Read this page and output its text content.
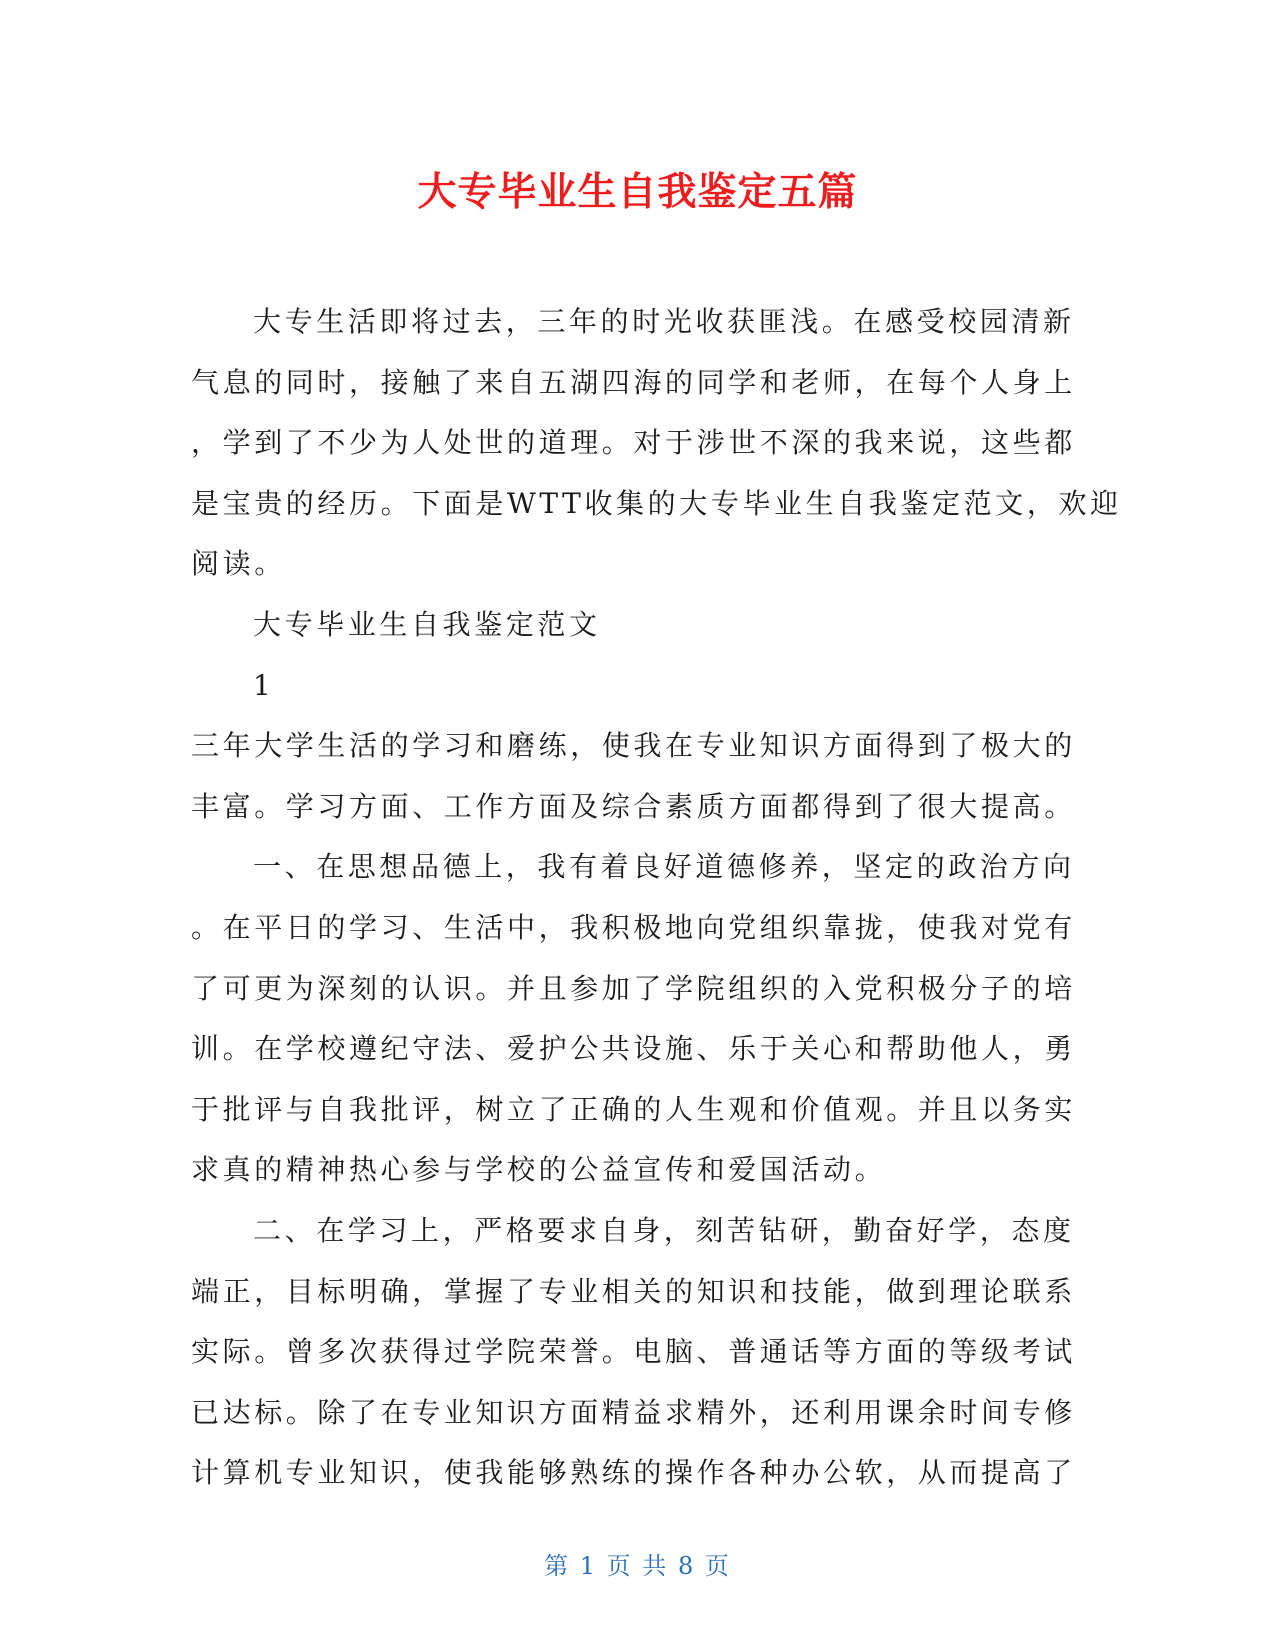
大专毕业生自我鉴定五篇
大专生活即将过去，三年的时光收获匪浅。在感受校园清新
气息的同时，接触了来自五湖四海的同学和老师，在每个人身上
，学到了不少为人处世的道理。对于涉世不深的我来说，这些都
是宝贵的经历。下面是WTT收集的大专毕业生自我鉴定范文，欢迎
阅读。
大专毕业生自我鉴定范文
1
三年大学生活的学习和磨练，使我在专业知识方面得到了极大的
丰富。学习方面、工作方面及综合素质方面都得到了很大提高。
一、在思想品德上，我有着良好道德修养，坚定的政治方向
。在平日的学习、生活中，我积极地向党组织靠拢，使我对党有
了可更为深刻的认识。并且参加了学院组织的入党积极分子的培
训。在学校遵纪守法、爱护公共设施、乐于关心和帮助他人，勇
于批评与自我批评，树立了正确的人生观和价值观。并且以务实
求真的精神热心参与学校的公益宣传和爱国活动。
二、在学习上，严格要求自身，刻苦钻研，勤奋好学，态度
端正，目标明确，掌握了专业相关的知识和技能，做到理论联系
实际。曾多次获得过学院荣誉。电脑、普通话等方面的等级考试
已达标。除了在专业知识方面精益求精外，还利用课余时间专修
计算机专业知识，使我能够熟练的操作各种办公软，从而提高了
第 1 页 共 8 页
